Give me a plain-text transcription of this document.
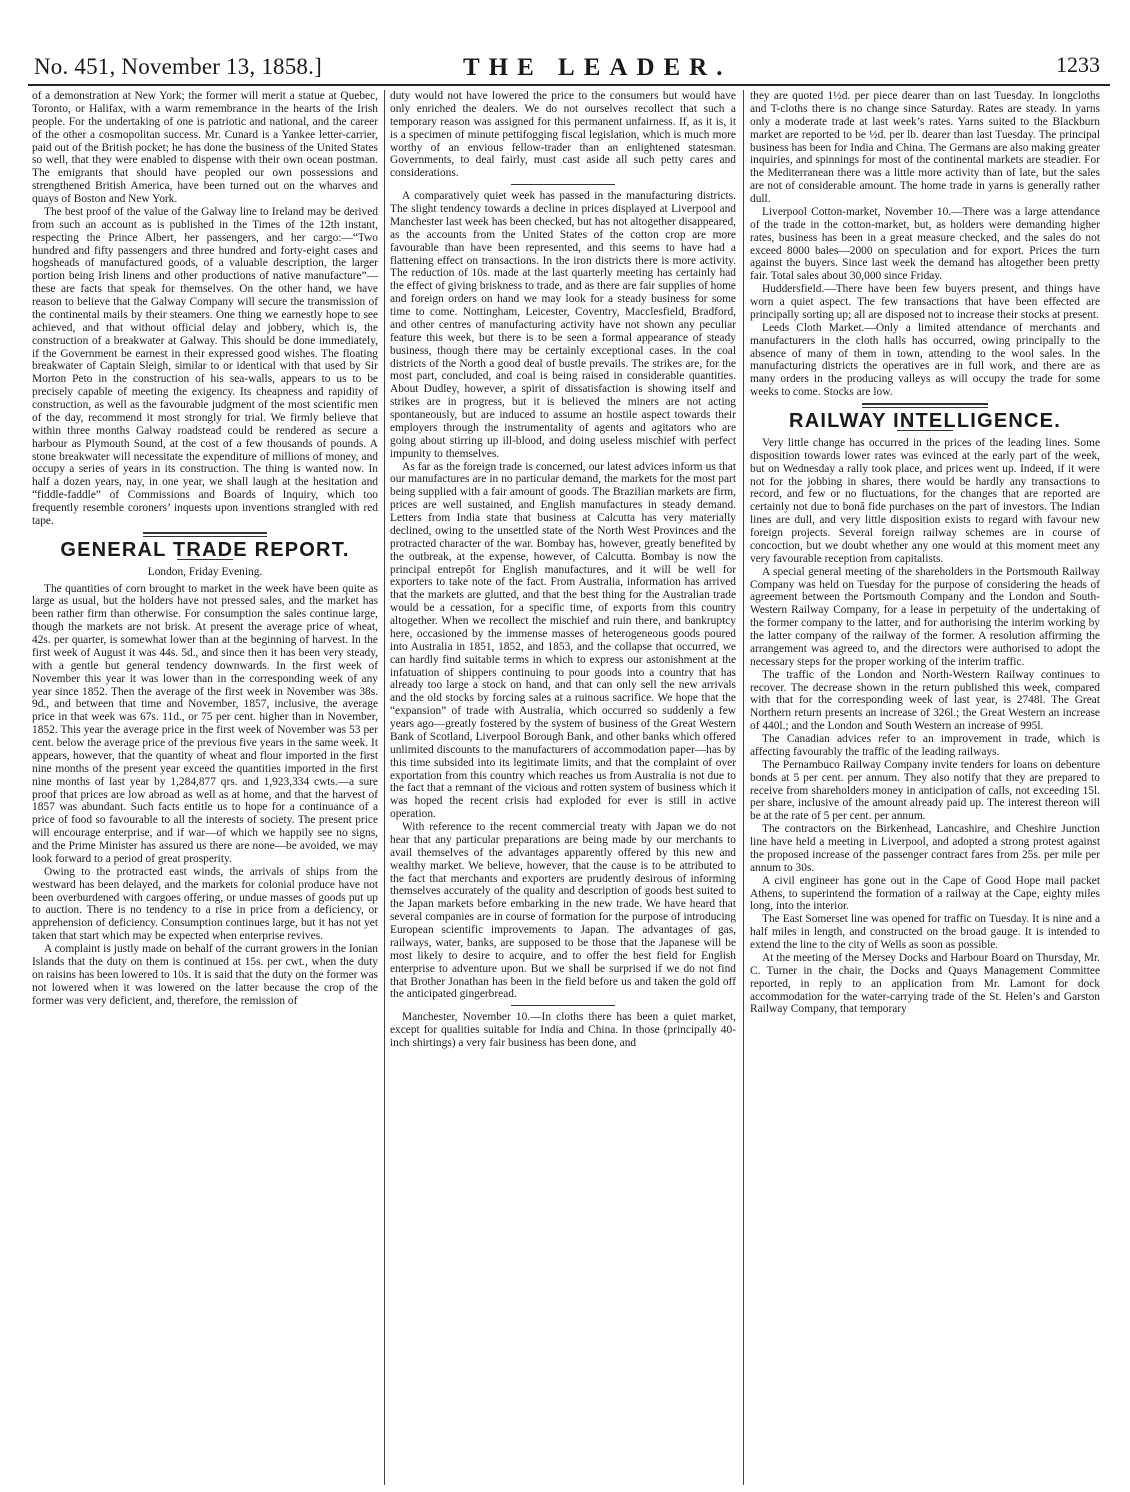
No. 451, November 13, 1858.]	THE LEADER.	1233

of a demonstration at New York; the former will merit a statue at Quebec, Toronto, or Halifax, with a warm remembrance in the hearts of the Irish people. For the undertaking of one is patriotic and national, and the career of the other a cosmopolitan success. Mr. Cunard is a Yankee letter-carrier, paid out of the British pocket; he has done the business of the United States so well, that they were enabled to dispense with their own ocean postman. The emigrants that should have peopled our own possessions and strengthened British America, have been turned out on the wharves and quays of Boston and New York.

The best proof of the value of the Galway line to Ireland may be derived from such an account as is published in the Times of the 12th instant, respecting the Prince Albert, her passengers, and her cargo:—“Two hundred and fifty passengers and three hundred and forty-eight cases and hogsheads of manufactured goods, of a valuable description, the larger portion being Irish linens and other productions of native manufacture”—these are facts that speak for themselves. On the other hand, we have reason to believe that the Galway Company will secure the transmission of the continental mails by their steamers. One thing we earnestly hope to see achieved, and that without official delay and jobbery, which is, the construction of a breakwater at Galway. This should be done immediately, if the Government be earnest in their expressed good wishes. The floating breakwater of Captain Sleigh, similar to or identical with that used by Sir Morton Peto in the construction of his sea-walls, appears to us to be precisely capable of meeting the exigency. Its cheapness and rapidity of construction, as well as the favourable judgment of the most scientific men of the day, recommend it most strongly for trial. We firmly believe that within three months Galway roadstead could be rendered as secure a harbour as Plymouth Sound, at the cost of a few thousands of pounds. A stone breakwater will necessitate the expenditure of millions of money, and occupy a series of years in its construction. The thing is wanted now. In half a dozen years, nay, in one year, we shall laugh at the hesitation and “fiddle-faddle” of Commissions and Boards of Inquiry, which too frequently resemble coroners’ inquests upon inventions strangled with red tape.

GENERAL TRADE REPORT.
London, Friday Evening.

The quantities of corn brought to market in the week have been quite as large as usual, but the holders have not pressed sales, and the market has been rather firm than otherwise. For consumption the sales continue large, though the markets are not brisk. At present the average price of wheat, 42s. per quarter, is somewhat lower than at the beginning of harvest. In the first week of August it was 44s. 5d., and since then it has been very steady, with a gentle but general tendency downwards. In the first week of November this year it was lower than in the corresponding week of any year since 1852. Then the average of the first week in November was 38s. 9d., and between that time and November, 1857, inclusive, the average price in that week was 67s. 11d., or 75 per cent. higher than in November, 1852. This year the average price in the first week of November was 53 per cent. below the average price of the previous five years in the same week. It appears, however, that the quantity of wheat and flour imported in the first nine months of the present year exceed the quantities imported in the first nine months of last year by 1,284,877 qrs. and 1,923,334 cwts.—a sure proof that prices are low abroad as well as at home, and that the harvest of 1857 was abundant. Such facts entitle us to hope for a continuance of a price of food so favourable to all the interests of society. The present price will encourage enterprise, and if war—of which we happily see no signs, and the Prime Minister has assured us there are none—be avoided, we may look forward to a period of great prosperity.

Owing to the protracted east winds, the arrivals of ships from the westward has been delayed, and the markets for colonial produce have not been overburdened with cargoes offering, or undue masses of goods put up to auction. There is no tendency to a rise in price from a deficiency, or apprehension of deficiency. Consumption continues large, but it has not yet taken that start which may be expected when enterprise revives.

A complaint is justly made on behalf of the currant growers in the Ionian Islands that the duty on them is continued at 15s. per cwt., when the duty on raisins has been lowered to 10s. It is said that the duty on the former was not lowered when it was lowered on the latter because the crop of the former was very deficient, and, therefore, the remission of

duty would not have lowered the price to the consumers but would have only enriched the dealers. We do not ourselves recollect that such a temporary reason was assigned for this permanent unfairness. If, as it is, it is a specimen of minute pettifogging fiscal legislation, which is much more worthy of an envious fellow-trader than an enlightened statesman. Governments, to deal fairly, must cast aside all such petty cares and considerations.

A comparatively quiet week has passed in the manufacturing districts. The slight tendency towards a decline in prices displayed at Liverpool and Manchester last week has been checked, but has not altogether disappeared, as the accounts from the United States of the cotton crop are more favourable than have been represented, and this seems to have had a flattening effect on transactions. In the iron districts there is more activity. The reduction of 10s. made at the last quarterly meeting has certainly had the effect of giving briskness to trade, and as there are fair supplies of home and foreign orders on hand we may look for a steady business for some time to come. Nottingham, Leicester, Coventry, Macclesfield, Bradford, and other centres of manufacturing activity have not shown any peculiar feature this week, but there is to be seen a formal appearance of steady business, though there may be certainly exceptional cases. In the coal districts of the North a good deal of bustle prevails. The strikes are, for the most part, concluded, and coal is being raised in considerable quantities. About Dudley, however, a spirit of dissatisfaction is showing itself and strikes are in progress, but it is believed the miners are not acting spontaneously, but are induced to assume an hostile aspect towards their employers through the instrumentality of agents and agitators who are going about stirring up ill-blood, and doing useless mischief with perfect impunity to themselves.

As far as the foreign trade is concerned, our latest advices inform us that our manufactures are in no particular demand, the markets for the most part being supplied with a fair amount of goods. The Brazilian markets are firm, prices are well sustained, and English manufactures in steady demand. Letters from India state that business at Calcutta has very materially declined, owing to the unsettled state of the North West Provinces and the protracted character of the war. Bombay has, however, greatly benefited by the outbreak, at the expense, however, of Calcutta. Bombay is now the principal entrepôt for English manufactures, and it will be well for exporters to take note of the fact. From Australia, information has arrived that the markets are glutted, and that the best thing for the Australian trade would be a cessation, for a specific time, of exports from this country altogether. When we recollect the mischief and ruin there, and bankruptcy here, occasioned by the immense masses of heterogeneous goods poured into Australia in 1851, 1852, and 1853, and the collapse that occurred, we can hardly find suitable terms in which to express our astonishment at the infatuation of shippers continuing to pour goods into a country that has already too large a stock on hand, and that can only sell the new arrivals and the old stocks by forcing sales at a ruinous sacrifice. We hope that the “expansion” of trade with Australia, which occurred so suddenly a few years ago—greatly fostered by the system of business of the Great Western Bank of Scotland, Liverpool Borough Bank, and other banks which offered unlimited discounts to the manufacturers of accommodation paper—has by this time subsided into its legitimate limits, and that the complaint of over exportation from this country which reaches us from Australia is not due to the fact that a remnant of the vicious and rotten system of business which it was hoped the recent crisis had exploded for ever is still in active operation.

With reference to the recent commercial treaty with Japan we do not hear that any particular preparations are being made by our merchants to avail themselves of the advantages apparently offered by this new and wealthy market. We believe, however, that the cause is to be attributed to the fact that merchants and exporters are prudently desirous of informing themselves accurately of the quality and description of goods best suited to the Japan markets before embarking in the new trade. We have heard that several companies are in course of formation for the purpose of introducing European scientific improvements to Japan. The advantages of gas, railways, water, banks, are supposed to be those that the Japanese will be most likely to desire to acquire, and to offer the best field for English enterprise to adventure upon. But we shall be surprised if we do not find that Brother Jonathan has been in the field before us and taken the gold off the anticipated gingerbread.

Manchester, November 10.—In cloths there has been a quiet market, except for qualities suitable for India and China. In those (principally 40-inch shirtings) a very fair business has been done, and

they are quoted 1½d. per piece dearer than on last Tuesday. In longcloths and T-cloths there is no change since Saturday. Rates are steady. In yarns only a moderate trade at last week’s rates. Yarns suited to the Blackburn market are reported to be ½d. per lb. dearer than last Tuesday. The principal business has been for India and China. The Germans are also making greater inquiries, and spinnings for most of the continental markets are steadier. For the Mediterranean there was a little more activity than of late, but the sales are not of considerable amount. The home trade in yarns is generally rather dull.

Liverpool Cotton-market, November 10.—There was a large attendance of the trade in the cotton-market, but, as holders were demanding higher rates, business has been in a great measure checked, and the sales do not exceed 8000 bales—2000 on speculation and for export. Prices the turn against the buyers. Since last week the demand has altogether been pretty fair. Total sales about 30,000 since Friday.

Huddersfield.—There have been few buyers present, and things have worn a quiet aspect. The few transactions that have been effected are principally sorting up; all are disposed not to increase their stocks at present.

Leeds Cloth Market.—Only a limited attendance of merchants and manufacturers in the cloth halls has occurred, owing principally to the absence of many of them in town, attending to the wool sales. In the manufacturing districts the operatives are in full work, and there are as many orders in the producing valleys as will occupy the trade for some weeks to come. Stocks are low.

RAILWAY INTELLIGENCE.

Very little change has occurred in the prices of the leading lines. Some disposition towards lower rates was evinced at the early part of the week, but on Wednesday a rally took place, and prices went up. Indeed, if it were not for the jobbing in shares, there would be hardly any transactions to record, and few or no fluctuations, for the changes that are reported are certainly not due to bonâ fide purchases on the part of investors. The Indian lines are dull, and very little disposition exists to regard with favour new foreign projects. Several foreign railway schemes are in course of concoction, but we doubt whether any one would at this moment meet any very favourable reception from capitalists.

A special general meeting of the shareholders in the Portsmouth Railway Company was held on Tuesday for the purpose of considering the heads of agreement between the Portsmouth Company and the London and South-Western Railway Company, for a lease in perpetuity of the undertaking of the former company to the latter, and for authorising the interim working by the latter company of the railway of the former. A resolution affirming the arrangement was agreed to, and the directors were authorised to adopt the necessary steps for the proper working of the interim traffic.

The traffic of the London and North-Western Railway continues to recover. The decrease shown in the return published this week, compared with that for the corresponding week of last year, is 2748l. The Great Northern return presents an increase of 326l.; the Great Western an increase of 440l.; and the London and South Western an increase of 995l.

The Canadian advices refer to an improvement in trade, which is affecting favourably the traffic of the leading railways.

The Pernambuco Railway Company invite tenders for loans on debenture bonds at 5 per cent. per annum. They also notify that they are prepared to receive from shareholders money in anticipation of calls, not exceeding 15l. per share, inclusive of the amount already paid up. The interest thereon will be at the rate of 5 per cent. per annum.

The contractors on the Birkenhead, Lancashire, and Cheshire Junction line have held a meeting in Liverpool, and adopted a strong protest against the proposed increase of the passenger contract fares from 25s. per mile per annum to 30s.

A civil engineer has gone out in the Cape of Good Hope mail packet Athens, to superintend the formation of a railway at the Cape, eighty miles long, into the interior.

The East Somerset line was opened for traffic on Tuesday. It is nine and a half miles in length, and constructed on the broad gauge. It is intended to extend the line to the city of Wells as soon as possible.

At the meeting of the Mersey Docks and Harbour Board on Thursday, Mr. C. Turner in the chair, the Docks and Quays Management Committee reported, in reply to an application from Mr. Lamont for dock accommodation for the water-carrying trade of the St. Helen’s and Garston Railway Company, that temporary
